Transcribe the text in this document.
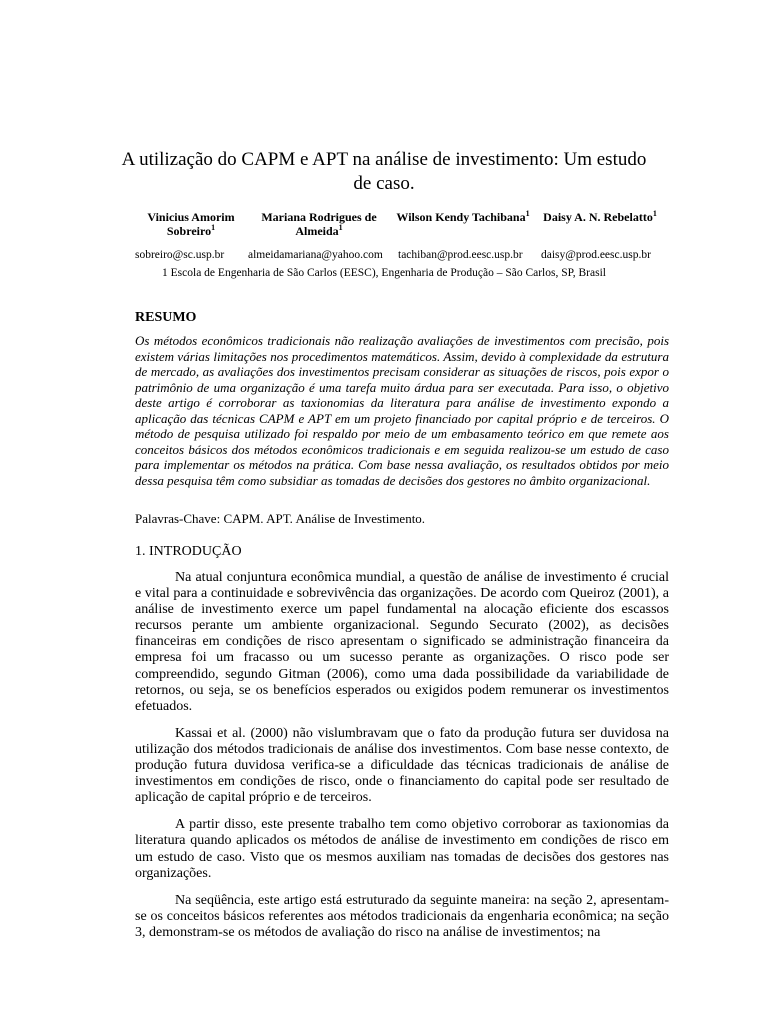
A utilização do CAPM e APT na análise de investimento: Um estudo de caso.
Vinicius Amorim
Sobreiro$^1$
Mariana Rodrigues de
Almeida$^1$
Wilson Kendy Tachibana$^1$	Daisy A. N. Rebelatto$^1$
sobreiro@sc.usp.br almeidamariana@yahoo.com tachiban@prod.eesc.usp.br daisy@prod.eesc.usp.br
1 Escola de Engenharia de São Carlos (EESC), Engenharia de Produção – São Carlos, SP, Brasil
RESUMO
Os métodos econômicos tradicionais não realização avaliações de investimentos com precisão, pois existem várias limitações nos procedimentos matemáticos. Assim, devido à complexidade da estrutura de mercado, as avaliações dos investimentos precisam considerar as situações de riscos, pois expor o patrimônio de uma organização é uma tarefa muito árdua para ser executada. Para isso, o objetivo deste artigo é corroborar as taxionomias da literatura para análise de investimento expondo a aplicação das técnicas CAPM e APT em um projeto financiado por capital próprio e de terceiros. O método de pesquisa utilizado foi respaldo por meio de um embasamento teórico em que remete aos conceitos básicos dos métodos econômicos tradicionais e em seguida realizou-se um estudo de caso para implementar os métodos na prática. Com base nessa avaliação, os resultados obtidos por meio dessa pesquisa têm como subsidiar as tomadas de decisões dos gestores no âmbito organizacional.
Palavras-Chave: CAPM. APT. Análise de Investimento.
1. INTRODUÇÃO

Na atual conjuntura econômica mundial, a questão de análise de investimento é crucial e vital para a continuidade e sobrevivência das organizações. De acordo com Queiroz (2001), a análise de investimento exerce um papel fundamental na alocação eficiente dos escassos recursos perante um ambiente organizacional. Segundo Securato (2002), as decisões financeiras em condições de risco apresentam o significado se administração financeira da empresa foi um fracasso ou um sucesso perante as organizações. O risco pode ser compreendido, segundo Gitman (2006), como uma dada possibilidade da variabilidade de retornos, ou seja, se os benefícios esperados ou exigidos podem remunerar os investimentos efetuados.

Kassai et al. (2000) não vislumbravam que o fato da produção futura ser duvidosa na utilização dos métodos tradicionais de análise dos investimentos. Com base nesse contexto, de produção futura duvidosa verifica-se a dificuldade das técnicas tradicionais de análise de investimentos em condições de risco, onde o financiamento do capital pode ser resultado de aplicação de capital próprio e de terceiros.

A partir disso, este presente trabalho tem como objetivo corroborar as taxionomias da literatura quando aplicados os métodos de análise de investimento em condições de risco em um estudo de caso. Visto que os mesmos auxiliam nas tomadas de decisões dos gestores nas organizações.

Na seqüência, este artigo está estruturado da seguinte maneira: na seção 2, apresentam-se os conceitos básicos referentes aos métodos tradicionais da engenharia econômica; na seção 3, demonstram-se os métodos de avaliação do risco na análise de investimentos; na
